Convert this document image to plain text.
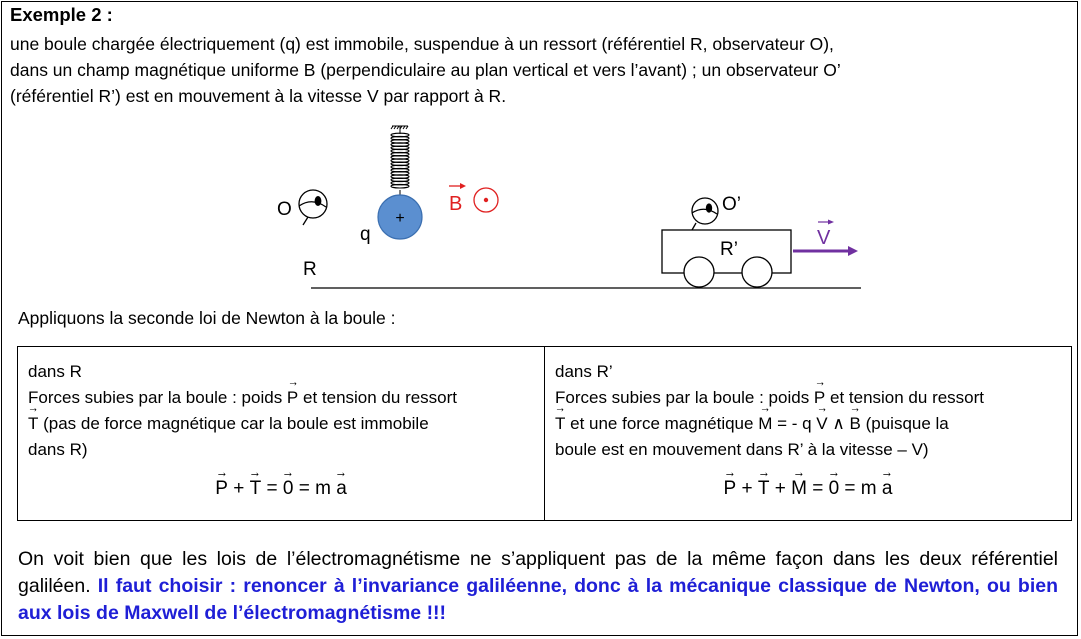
Exemple 2 :
une boule chargée électriquement (q) est immobile, suspendue à un ressort (référentiel R, observateur O),
dans un champ magnétique uniforme B (perpendiculaire au plan vertical et vers l’avant) ; un observateur O’
(référentiel R’) est en mouvement à la vitesse V par rapport à R.
+
q
O	B
R
R’
O’
V
Appliquons la seconde loi de Newton à la boule :
dans R
Forces subies par la boule : poids → P et tension du ressort
→ T (pas de force magnétique car la boule est immobile
dans R)
→ P + → T = → 0 = m → a
dans R’
Forces subies par la boule : poids → P et tension du ressort
→ T et une force magnétique → M = - q → V ∧ → B (puisque la
boule est en mouvement dans R’ à la vitesse – V)
→ P + → T + → M = → 0 = m → a
On voit bien que les lois de l’électromagnétisme ne s’appliquent pas de la même façon dans les deux référentiel galiléen. Il faut choisir : renoncer à l’invariance galiléenne, donc à la mécanique classique de Newton, ou bien aux lois de Maxwell de l’électromagnétisme !!!
